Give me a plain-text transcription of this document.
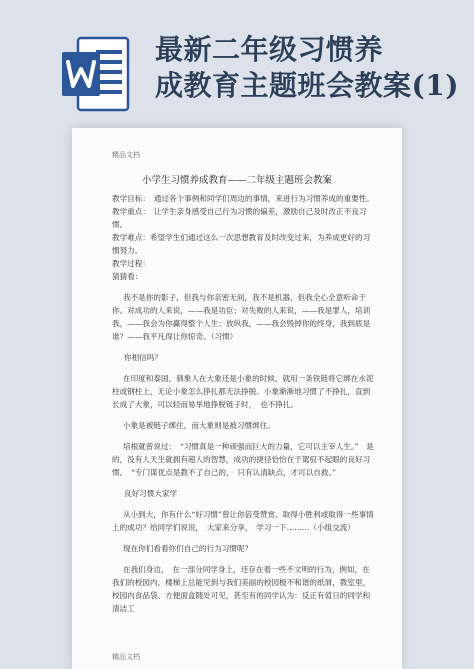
最新二年级习惯养
成教育主题班会教案(1)
精品文档
小学生习惯养成教育——二年级主题班会教案

教学目标：　通过各个事例和同学们周边的事情，来进行为习惯养成的重要性。

教学重点：　让学生亲身感受自己行为习惯的偏差，激励自己及时改正不良习惯。

教学难点：希望学生们通过这么一次思想教育及时改变过来，为养成更好的习惯努力。

教学过程：

猜猜看：

我不是你的影子，但我与你亲密无间，我不是机器，但我全心全意听命于你。对成功的人来说，——我是功臣；对失败的人来说，——我是罪人，培训我，——我会为你赢得整个人生；放纵我，——我会毁掉你的终身，我到底是谁？——我平凡得让你惊奇。（习惯）

你相信吗？

在印度和泰国，驯象人在大象还是小象的时候，就用一条铁链将它绑在水泥柱或钢柱上，无论小象怎么挣扎都无法挣脱。小象渐渐地习惯了不挣扎，直到长成了大象，可以轻而易举地挣脱链子时，　也不挣扎。

小象是被链子绑住，而大象则是被习惯绑住。

培根就曾说过：　“习惯真是一种顽强而巨大的力量，它可以主宰人生。”　是的，没有人天生就拥有超人的智慧，成功的捷径恰恰在于駕驭不起眼的良好习惯。　“专门谋优点是教不了自己的，　只有认清缺点，才可以自救。”

良好习惯大家学

从小到大，你有什么“好习惯”曾让你倍受赞赏、取得小胜利或取得一些事情上的成功？给同学们说说，　大家来分享，　学习一下………（小组交流）

现在你们看看你们自己的行为习惯呢？

在我们身边，　在一部分同学身上，还存在着一些不文明的行为，例如，在我们的校园内、楼梯上总能见到与我们美丽的校园极不和谐的纸屑，教室里，校园内食品袋、方便面盒随处可见，甚至有的同学认为：反正有值日的同学和清洁工

精品文档
